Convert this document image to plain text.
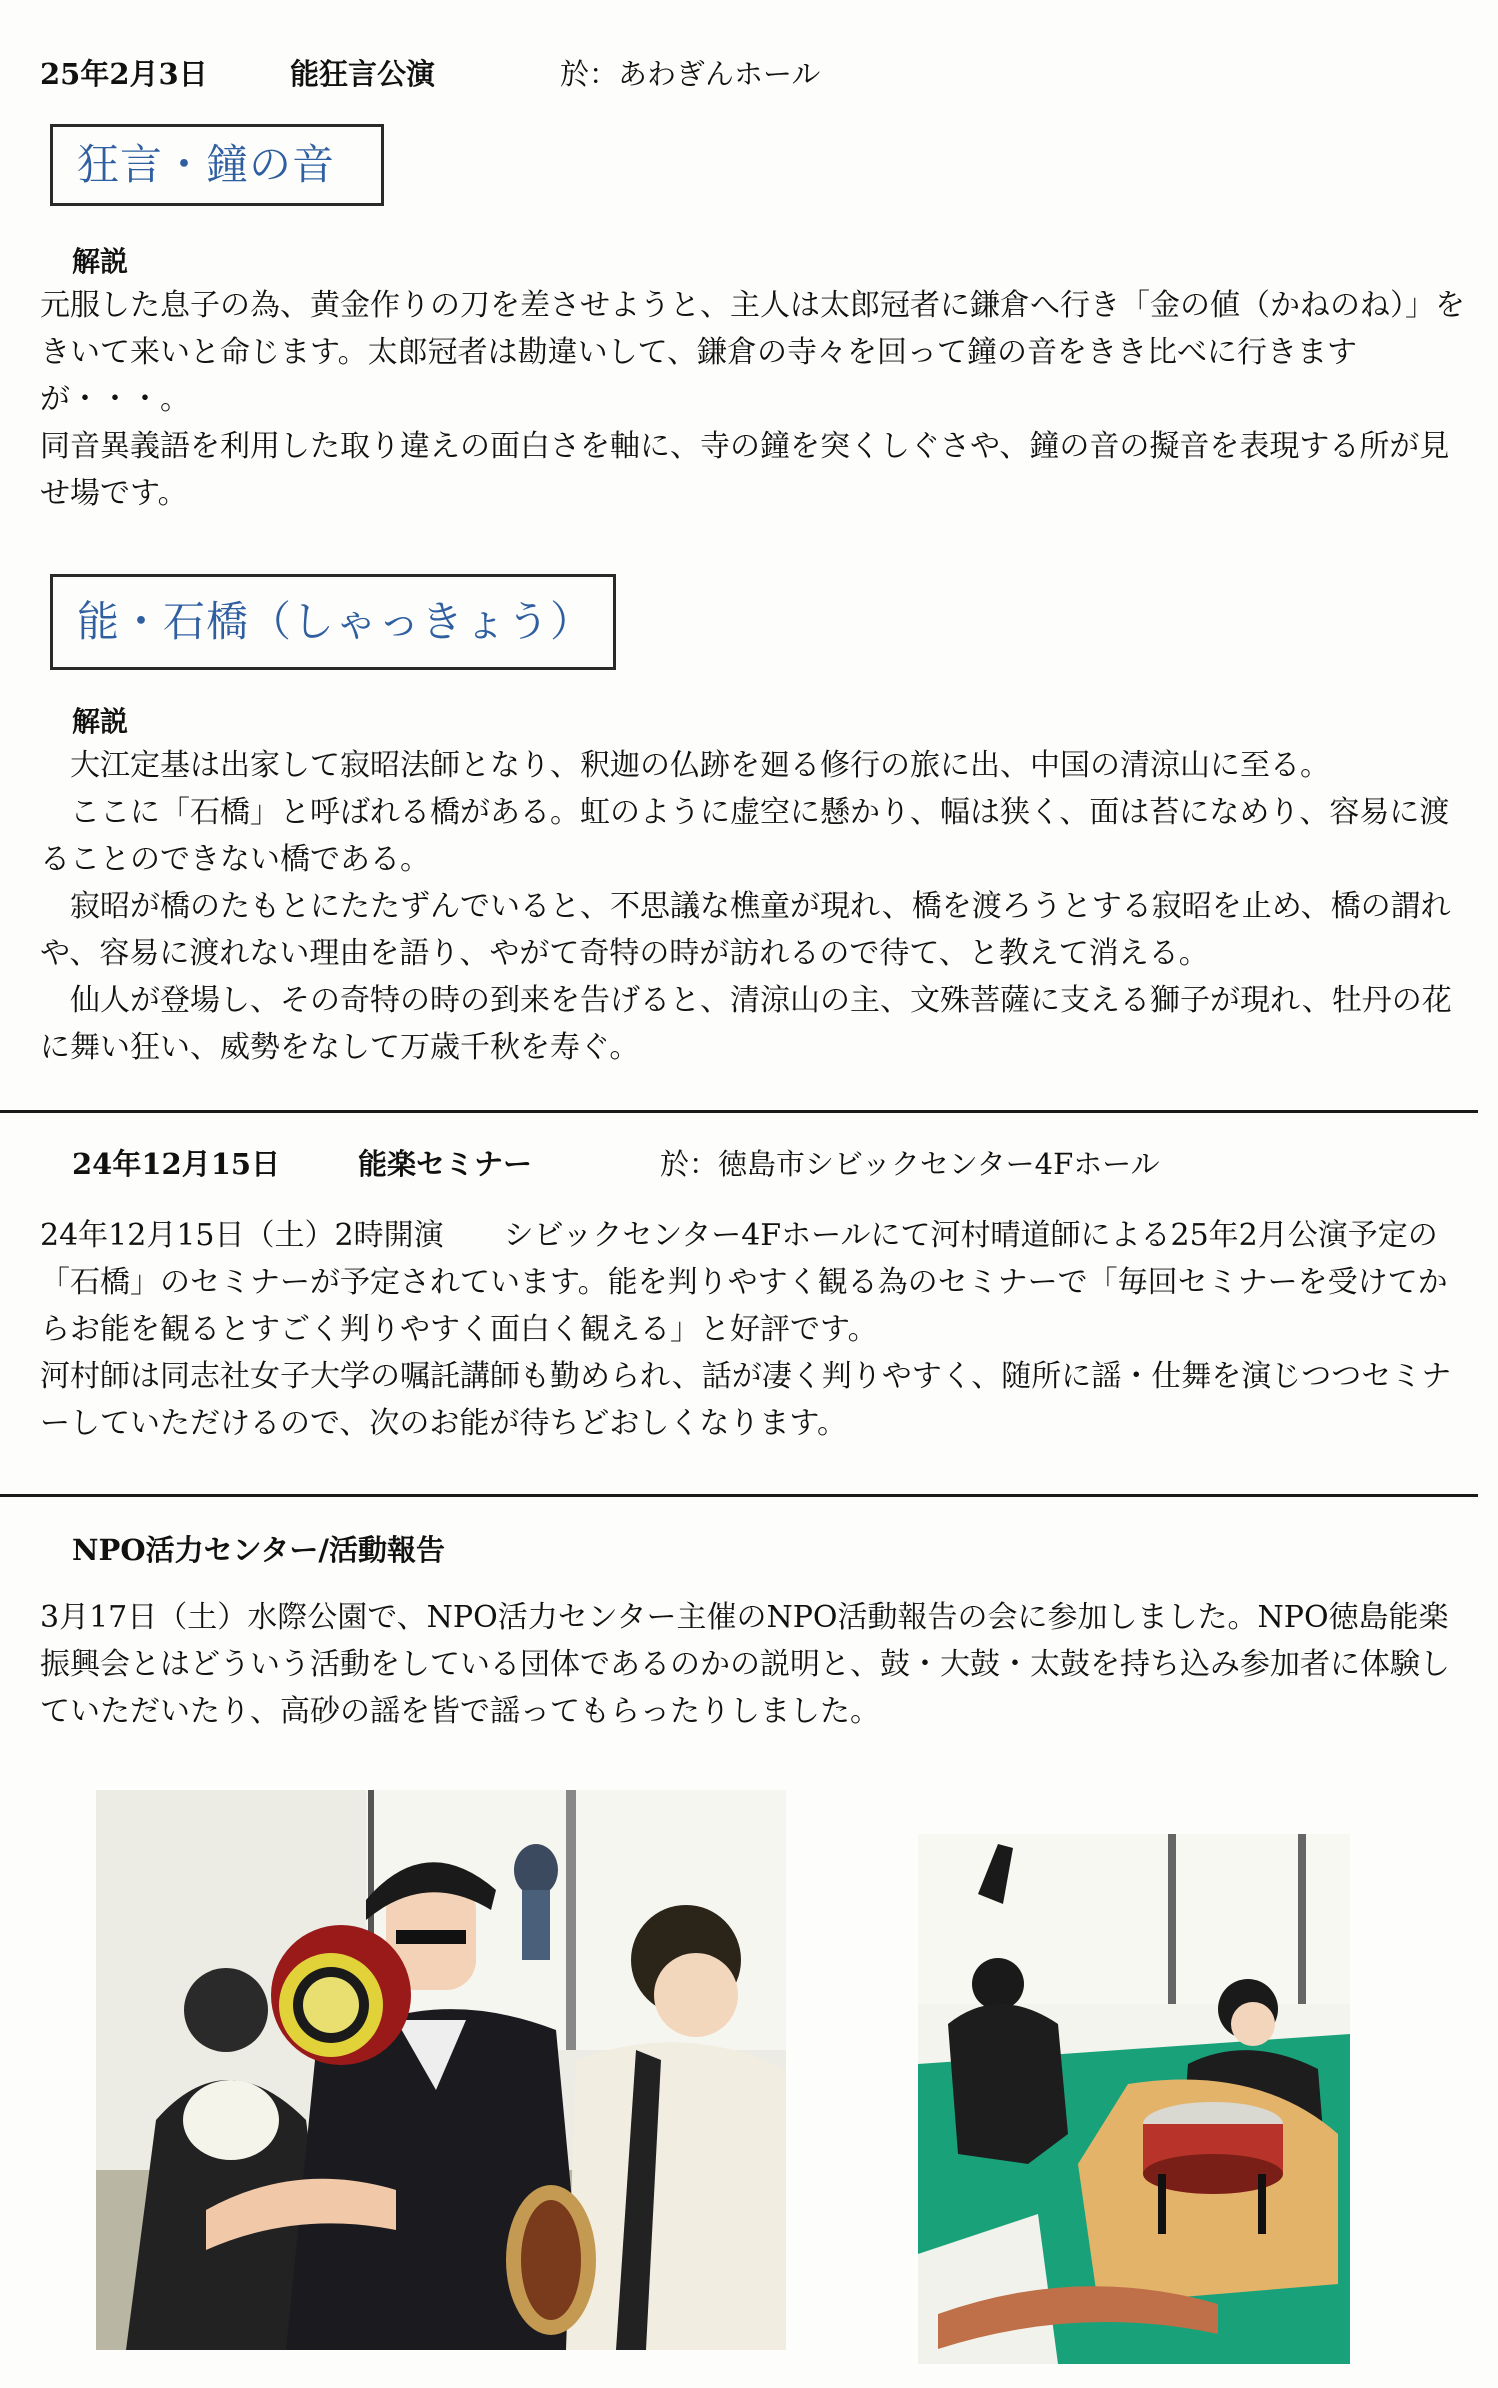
25年2月3日	能狂言公演	於：あわぎんホール
狂言・鐘の音
解説

元服した息子の為、黄金作りの刀を差させようと、主人は太郎冠者に鎌倉へ行き「金の値（かねのね）」をきいて来いと命じます。太郎冠者は勘違いして、鎌倉の寺々を回って鐘の音をきき比べに行きますが・・・。
同音異義語を利用した取り違えの面白さを軸に、寺の鐘を突くしぐさや、鐘の音の擬音を表現する所が見せ場です。

能・石橋（しゃっきょう）
解説

　大江定基は出家して寂昭法師となり、釈迦の仏跡を廻る修行の旅に出、中国の清涼山に至る。
　ここに「石橋」と呼ばれる橋がある。虹のように虚空に懸かり、幅は狭く、面は苔になめり、容易に渡ることのできない橋である。
　寂昭が橋のたもとにたたずんでいると、不思議な樵童が現れ、橋を渡ろうとする寂昭を止め、橋の謂れや、容易に渡れない理由を語り、やがて奇特の時が訪れるので待て、と教えて消える。
　仙人が登場し、その奇特の時の到来を告げると、清涼山の主、文殊菩薩に支える獅子が現れ、牡丹の花に舞い狂い、威勢をなして万歳千秋を寿ぐ。

24年12月15日	能楽セミナー	於：徳島市シビックセンター4Fホール

24年12月15日（土）2時開演　　シビックセンター4Fホールにて河村晴道師による25年2月公演予定の「石橋」のセミナーが予定されています。能を判りやすく観る為のセミナーで「毎回セミナーを受けてからお能を観るとすごく判りやすく面白く観える」と好評です。
河村師は同志社女子大学の嘱託講師も勤められ、話が凄く判りやすく、随所に謡・仕舞を演じつつセミナーしていただけるので、次のお能が待ちどおしくなります。

NPO活力センター/活動報告

3月17日（土）水際公園で、NPO活力センター主催のNPO活動報告の会に参加しました。NPO徳島能楽振興会とはどういう活動をしている団体であるのかの説明と、鼓・大鼓・太鼓を持ち込み参加者に体験していただいたり、高砂の謡を皆で謡ってもらったりしました。
